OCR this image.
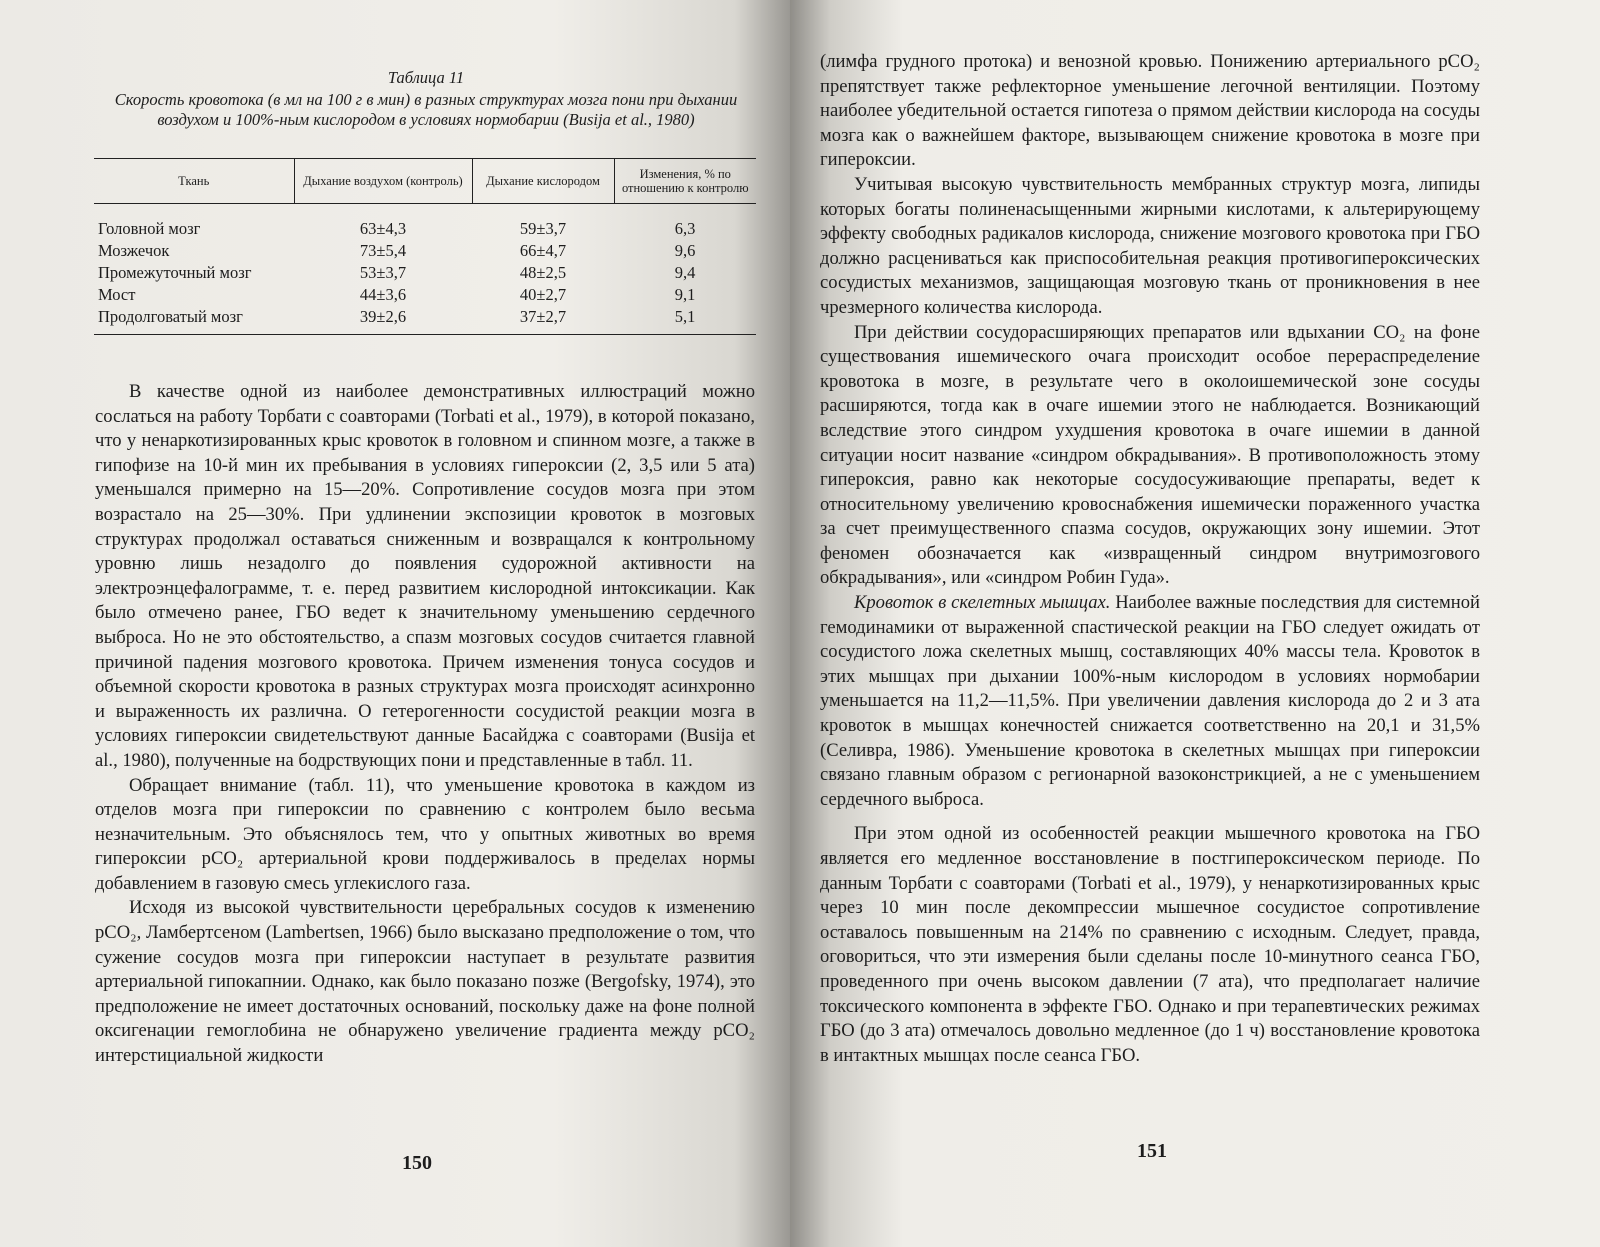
Таблица 11
Скорость кровотока (в мл на 100 г в мин) в разных структурах мозга пони при дыхании воздухом и 100%-ным кислородом в условиях нормобарии (Busija et al., 1980)
Ткань	Дыхание воздухом (контроль)	Дыхание кислородом	Изменения, % по отношению к контролю
Головной мозг	63±4,3	59±3,7	6,3
Мозжечок	73±5,4	66±4,7	9,6
Промежуточный мозг	53±3,7	48±2,5	9,4
Мост	44±3,6	40±2,7	9,1
Продолговатый мозг	39±2,6	37±2,7	5,1

В качестве одной из наиболее демонстративных иллюстраций можно сослаться на работу Торбати с соавторами (Torbati et al., 1979), в которой показано, что у ненаркотизированных крыс кровоток в головном и спинном мозге, а также в гипофизе на 10-й мин их пребывания в условиях гипероксии (2, 3,5 или 5 ата) уменьшался примерно на 15—20%. Сопротивление сосудов мозга при этом возрастало на 25—30%. При удлинении экспозиции кровоток в мозговых структурах продолжал оставаться сниженным и возвращался к контрольному уровню лишь незадолго до появления судорожной активности на электроэнцефалограмме, т. е. перед развитием кислородной интоксикации. Как было отмечено ранее, ГБО ведет к значительному уменьшению сердечного выброса. Но не это обстоятельство, а спазм мозговых сосудов считается главной причиной падения мозгового кровотока. Причем изменения тонуса сосудов и объемной скорости кровотока в разных структурах мозга происходят асинхронно и выраженность их различна. О гетерогенности сосудистой реакции мозга в условиях гипероксии свидетельствуют данные Басайджа с соавторами (Busija et al., 1980), полученные на бодрствующих пони и представленные в табл. 11.

Обращает внимание (табл. 11), что уменьшение кровотока в каждом из отделов мозга при гипероксии по сравнению с контролем было весьма незначительным. Это объяснялось тем, что у опытных животных во время гипероксии pCO₂ артериальной крови поддерживалось в пределах нормы добавлением в газовую смесь углекислого газа.

Исходя из высокой чувствительности церебральных сосудов к изменению pCO₂, Ламбертсеном (Lambertsen, 1966) было высказано предположение о том, что сужение сосудов мозга при гипероксии наступает в результате развития артериальной гипокапнии. Однако, как было показано позже (Bergofsky, 1974), это предположение не имеет достаточных оснований, поскольку даже на фоне полной оксигенации гемоглобина не обнаружено увеличение градиента между pCO₂ интерстициальной жидкости

150

(лимфа грудного протока) и венозной кровью. Понижению артериального pCO₂ препятствует также рефлекторное уменьшение легочной вентиляции. Поэтому наиболее убедительной остается гипотеза о прямом действии кислорода на сосуды мозга как о важнейшем факторе, вызывающем снижение кровотока в мозге при гипероксии.

Учитывая высокую чувствительность мембранных структур мозга, липиды которых богаты полиненасыщенными жирными кислотами, к альтерирующему эффекту свободных радикалов кислорода, снижение мозгового кровотока при ГБО должно расцениваться как приспособительная реакция противогипероксических сосудистых механизмов, защищающая мозговую ткань от проникновения в нее чрезмерного количества кислорода.

При действии сосудорасширяющих препаратов или вдыхании CO₂ на фоне существования ишемического очага происходит особое перераспределение кровотока в мозге, в результате чего в околоишемической зоне сосуды расширяются, тогда как в очаге ишемии этого не наблюдается. Возникающий вследствие этого синдром ухудшения кровотока в очаге ишемии в данной ситуации носит название «синдром обкрадывания». В противоположность этому гипероксия, равно как некоторые сосудосуживающие препараты, ведет к относительному увеличению кровоснабжения ишемически пораженного участка за счет преимущественного спазма сосудов, окружающих зону ишемии. Этот феномен обозначается как «извращенный синдром внутримозгового обкрадывания», или «синдром Робин Гуда».

Кровоток в скелетных мышцах. Наиболее важные последствия для системной гемодинамики от выраженной спастической реакции на ГБО следует ожидать от сосудистого ложа скелетных мышц, составляющих 40% массы тела. Кровоток в этих мышцах при дыхании 100%-ным кислородом в условиях нормобарии уменьшается на 11,2—11,5%. При увеличении давления кислорода до 2 и 3 ата кровоток в мышцах конечностей снижается соответственно на 20,1 и 31,5% (Селиврa, 1986). Уменьшение кровотока в скелетных мышцах при гипероксии связано главным образом с регионарной вазоконстрикцией, а не с уменьшением сердечного выброса.

При этом одной из особенностей реакции мышечного кровотока на ГБО является его медленное восстановление в постгипероксическом периоде. По данным Торбати с соавторами (Torbati et al., 1979), у ненаркотизированных крыс через 10 мин после декомпрессии мышечное сосудистое сопротивление оставалось повышенным на 214% по сравнению с исходным. Следует, правда, оговориться, что эти измерения были сделаны после 10-минутного сеанса ГБО, проведенного при очень высоком давлении (7 ата), что предполагает наличие токсического компонента в эффекте ГБО. Однако и при терапевтических режимах ГБО (до 3 ата) отмечалось довольно медленное (до 1 ч) восстановление кровотока в интактных мышцах после сеанса ГБО.

151
